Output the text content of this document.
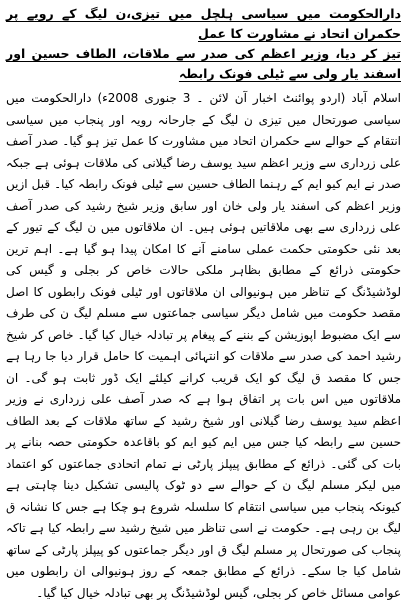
دارالحکومت میں سیاسی ہلچل میں تیزی،ن لیگ کے رویے پر حکمران اتحاد نے مشاورت کا عمل
تیز کر دیا، وزیر اعظم کی صدر سے ملاقات، الطاف حسین اور اسفند یار ولی سے ٹیلی فونک رابطہ

اسلام آباد (اردو پوائنٹ اخبار آن لائن ۔ 3 جنوری 2008ء) دارالحکومت میں سیاسی صورتحال میں تیزی ن لیگ کے جارحانہ رویہ اور پنجاب میں سیاسی انتقام کے حوالے سے حکمران اتحاد میں مشاورت کا عمل تیز ہو گیا۔ صدر آصف علی زرداری سے وزیر اعظم سید یوسف رضا گیلانی کی ملاقات ہوئی ہے جبکہ صدر نے ایم کیو ایم کے رہنما الطاف حسین سے ٹیلی فونک رابطہ کیا۔ قبل ازیں وزیر اعظم کی اسفند یار ولی خان اور سابق وزیر شیخ رشید کی صدر آصف علی زرداری سے بھی ملاقاتیں ہوئی ہیں۔ ان ملاقاتوں میں ن لیگ کے تیور کے بعد نئی حکومتی حکمت عملی سامنے آنے کا امکان پیدا ہو گیا ہے۔ اہم ترین حکومتی ذرائع کے مطابق بظاہر ملکی حالات خاص کر بجلی و گیس کی لوڈشیڈنگ کے تناظر میں ہونیوالی ان ملاقاتوں اور ٹیلی فونک رابطوں کا اصل مقصد حکومت میں شامل دیگر سیاسی جماعتوں سے مسلم لیگ ن کی طرف سے ایک مضبوط اپوزیشن کے بننے کے پیغام پر تبادلہ خیال کیا گیا۔ خاص کر شیخ رشید احمد کی صدر سے ملاقات کو انتہائی اہمیت کا حامل قرار دیا جا رہا ہے جس کا مقصد ق لیگ کو ایک قریب کرانے کیلئے ایک ڈور ثابت ہو گی۔ ان ملاقاتوں میں اس بات پر اتفاق ہوا ہے کہ صدر آصف علی زرداری نے وزیر اعظم سید یوسف رضا گیلانی اور شیخ رشید کے ساتھ ملاقات کے بعد الطاف حسین سے رابطہ کیا جس میں ایم کیو ایم کو باقاعدہ حکومتی حصہ بنانے پر بات کی گئی۔ ذرائع کے مطابق پیپلز پارٹی نے تمام اتحادی جماعتوں کو اعتماد میں لیکر مسلم لیگ ن کے حوالے سے دو ٹوک پالیسی تشکیل دینا چاہتی ہے کیونکہ پنجاب میں سیاسی انتقام کا سلسلہ شروع ہو چکا ہے جس کا نشانہ ق لیگ بن رہی ہے۔ حکومت نے اسی تناظر میں شیخ رشید سے رابطہ کیا ہے تاکہ پنجاب کی صورتحال پر مسلم لیگ ق اور دیگر جماعتوں کو پیپلز پارٹی کے ساتھ شامل کیا جا سکے۔ ذرائع کے مطابق جمعہ کے روز ہونیوالی ان رابطوں میں عوامی مسائل خاص کر بجلی، گیس لوڈشیڈنگ پر بھی تبادلہ خیال کیا گیا۔
